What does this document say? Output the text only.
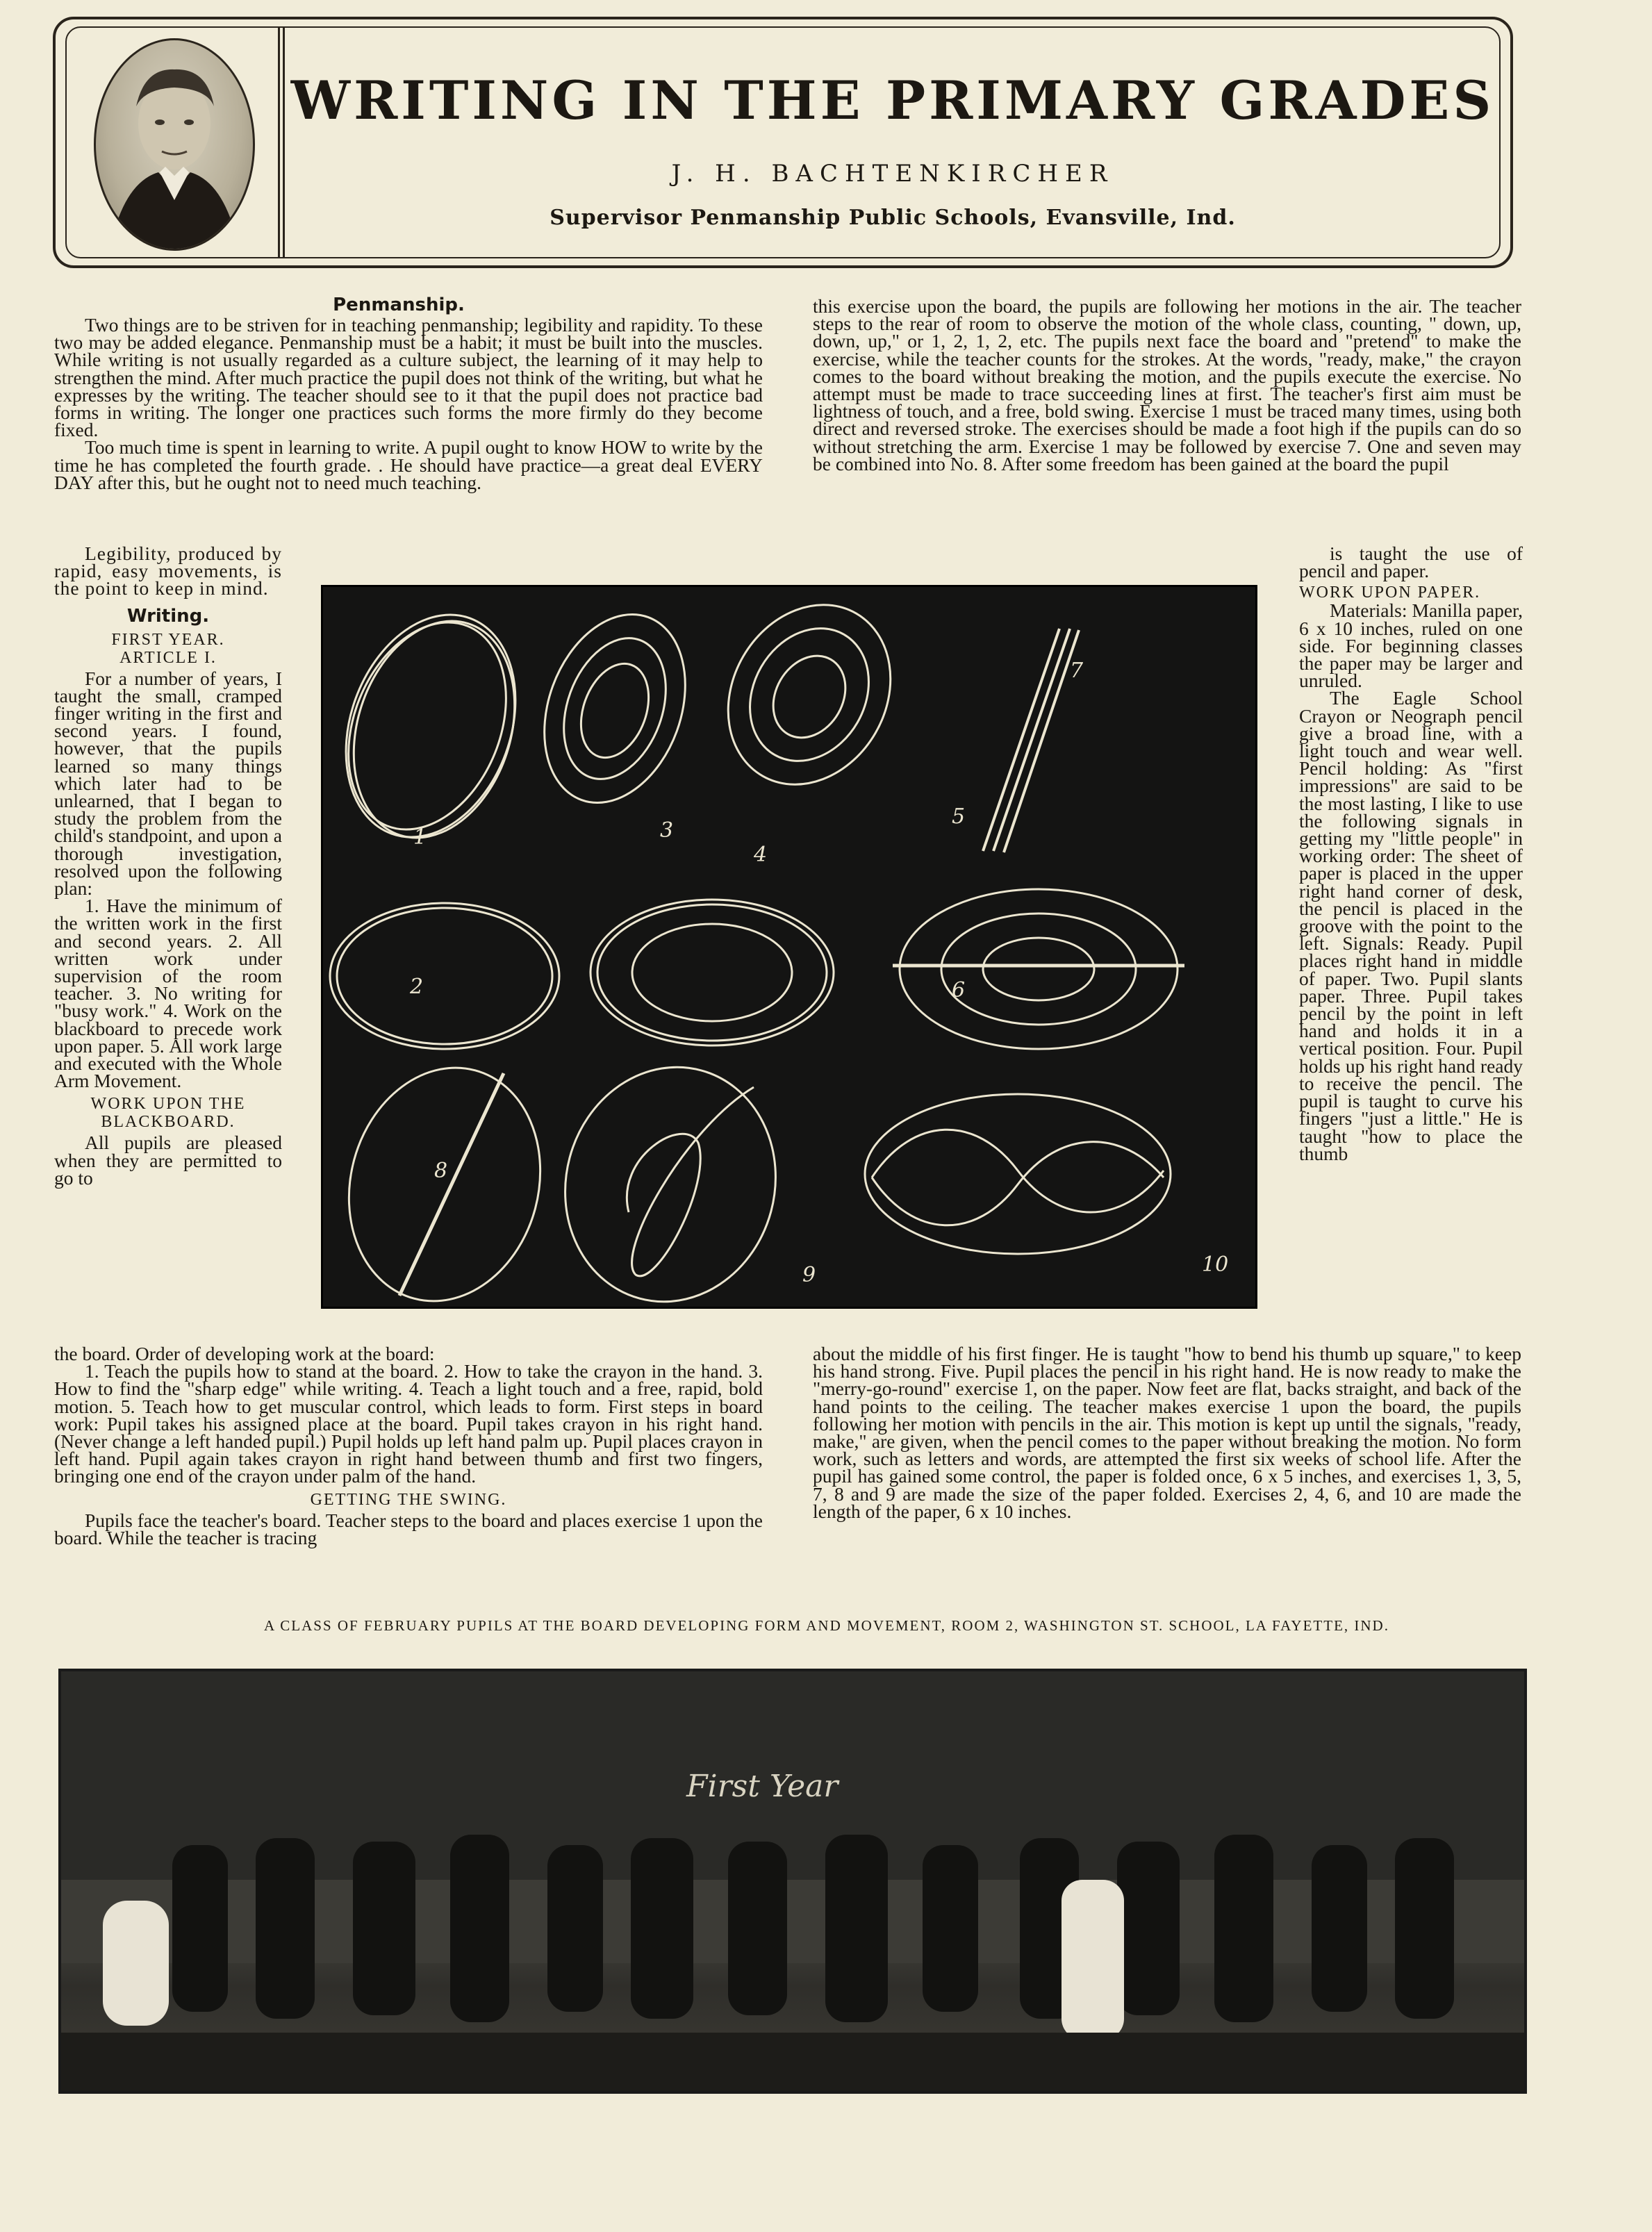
WRITING IN THE PRIMARY GRADES
J. H. BACHTENKIRCHER
Supervisor Penmanship Public Schools, Evansville, Ind.
Penmanship.

Two things are to be striven for in teaching penmanship; legibility and rapidity. To these two may be added elegance. Penmanship must be a habit; it must be built into the muscles. While writing is not usually regarded as a culture subject, the learning of it may help to strengthen the mind. After much practice the pupil does not think of the writing, but what he expresses by the writing. The teacher should see to it that the pupil does not practice bad forms in writing. The longer one practices such forms the more firmly do they become fixed.

Too much time is spent in learning to write. A pupil ought to know HOW to write by the time he has completed the fourth grade. . He should have practice—a great deal EVERY DAY after this, but he ought not to need much teaching.

Legibility, produced by rapid, easy movements, is the point to keep in mind.

Writing.
FIRST YEAR.
ARTICLE I.

For a number of years, I taught the small, cramped finger writing in the first and second years. I found, however, that the pupils learned so many things which later had to be unlearned, that I began to study the problem from the child's standpoint, and upon a thorough investigation, resolved upon the following plan:

1. Have the minimum of the written work in the first and second years. 2. All written work under supervision of the room teacher. 3. No writing for "busy work." 4. Work on the blackboard to precede work upon paper. 5. All work large and executed with the Whole Arm Movement.

WORK UPON THE BLACKBOARD.

All pupils are pleased when they are permitted to go to

1
2
3
4
5
6
7
8
9	10

the board. Order of developing work at the board:

1. Teach the pupils how to stand at the board. 2. How to take the crayon in the hand. 3. How to find the "sharp edge" while writing. 4. Teach a light touch and a free, rapid, bold motion. 5. Teach how to get muscular control, which leads to form. First steps in board work: Pupil takes his assigned place at the board. Pupil takes crayon in his right hand. (Never change a left handed pupil.) Pupil holds up left hand palm up. Pupil places crayon in left hand. Pupil again takes crayon in right hand between thumb and first two fingers, bringing one end of the crayon under palm of the hand.

GETTING THE SWING.

Pupils face the teacher's board. Teacher steps to the board and places exercise 1 upon the board. While the teacher is tracing

this exercise upon the board, the pupils are following her motions in the air. The teacher steps to the rear of room to observe the motion of the whole class, counting, " down, up, down, up," or 1, 2, 1, 2, etc. The pupils next face the board and "pretend" to make the exercise, while the teacher counts for the strokes. At the words, "ready, make," the crayon comes to the board without breaking the motion, and the pupils execute the exercise. No attempt must be made to trace succeeding lines at first. The teacher's first aim must be lightness of touch, and a free, bold swing. Exercise 1 must be traced many times, using both direct and reversed stroke. The exercises should be made a foot high if the pupils can do so without stretching the arm. Exercise 1 may be followed by exercise 7. One and seven may be combined into No. 8. After some freedom has been gained at the board the pupil

is taught the use of pencil and paper.

WORK UPON PAPER.

Materials: Manilla paper, 6 x 10 inches, ruled on one side. For beginning classes the paper may be larger and unruled.

The Eagle School Crayon or Neograph pencil give a broad line, with a light touch and wear well. Pencil holding: As "first impressions" are said to be the most lasting, I like to use the following signals in getting my "little people" in working order: The sheet of paper is placed in the upper right hand corner of desk, the pencil is placed in the groove with the point to the left. Signals: Ready. Pupil places right hand in middle of paper. Two. Pupil slants paper. Three. Pupil takes pencil by the point in left hand and holds it in a vertical position. Four. Pupil holds up his right hand ready to receive the pencil. The pupil is taught to curve his fingers "just a little." He is taught "how to place the thumb

about the middle of his first finger. He is taught "how to bend his thumb up square," to keep his hand strong. Five. Pupil places the pencil in his right hand. He is now ready to make the "merry-go-round" exercise 1, on the paper. Now feet are flat, backs straight, and back of the hand points to the ceiling. The teacher makes exercise 1 upon the board, the pupils following her motion with pencils in the air. This motion is kept up until the signals, "ready, make," are given, when the pencil comes to the paper without breaking the motion. No form work, such as letters and words, are attempted the first six weeks of school life. After the pupil has gained some control, the paper is folded once, 6 x 5 inches, and exercises 1, 3, 5, 7, 8 and 9 are made the size of the paper folded. Exercises 2, 4, 6, and 10 are made the length of the paper, 6 x 10 inches.

A CLASS OF FEBRUARY PUPILS AT THE BOARD DEVELOPING FORM AND MOVEMENT, ROOM 2, WASHINGTON ST. SCHOOL, LA FAYETTE, IND.
First Year
